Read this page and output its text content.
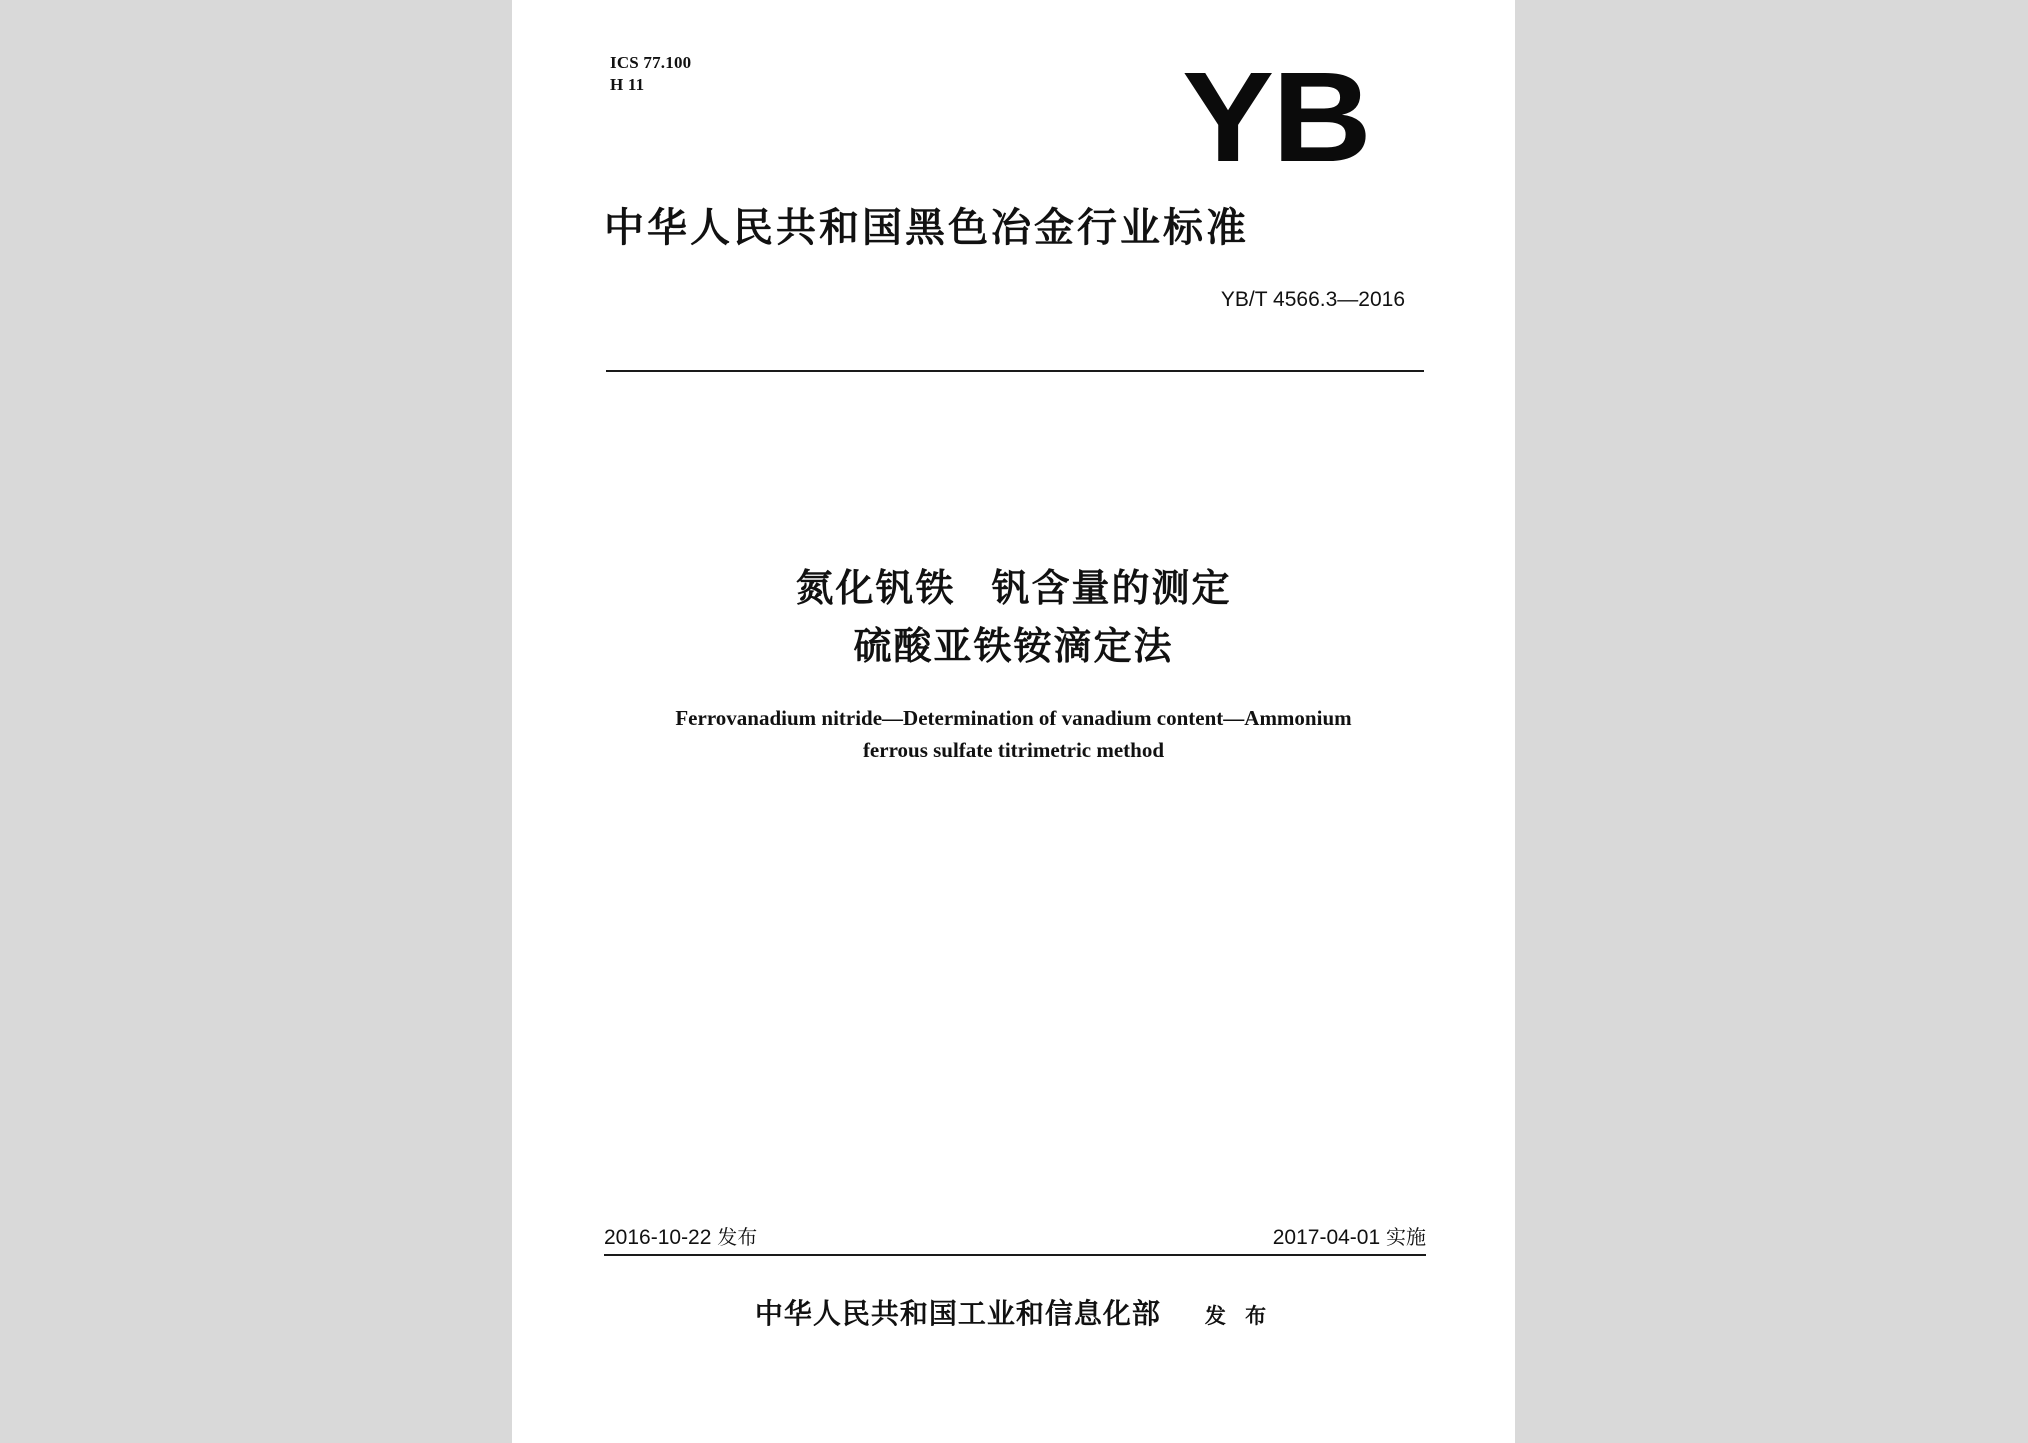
ICS 77.100
H 11	YB
中华人民共和国黑色冶金行业标准
YB/T 4566.3—2016
氮化钒铁 钒含量的测定
硫酸亚铁铵滴定法
Ferrovanadium nitride—Determination of vanadium content—Ammonium
ferrous sulfate titrimetric method
2016-10-22 发布	2017-04-01 实施
中华人民共和国工业和信息化部 发 布
